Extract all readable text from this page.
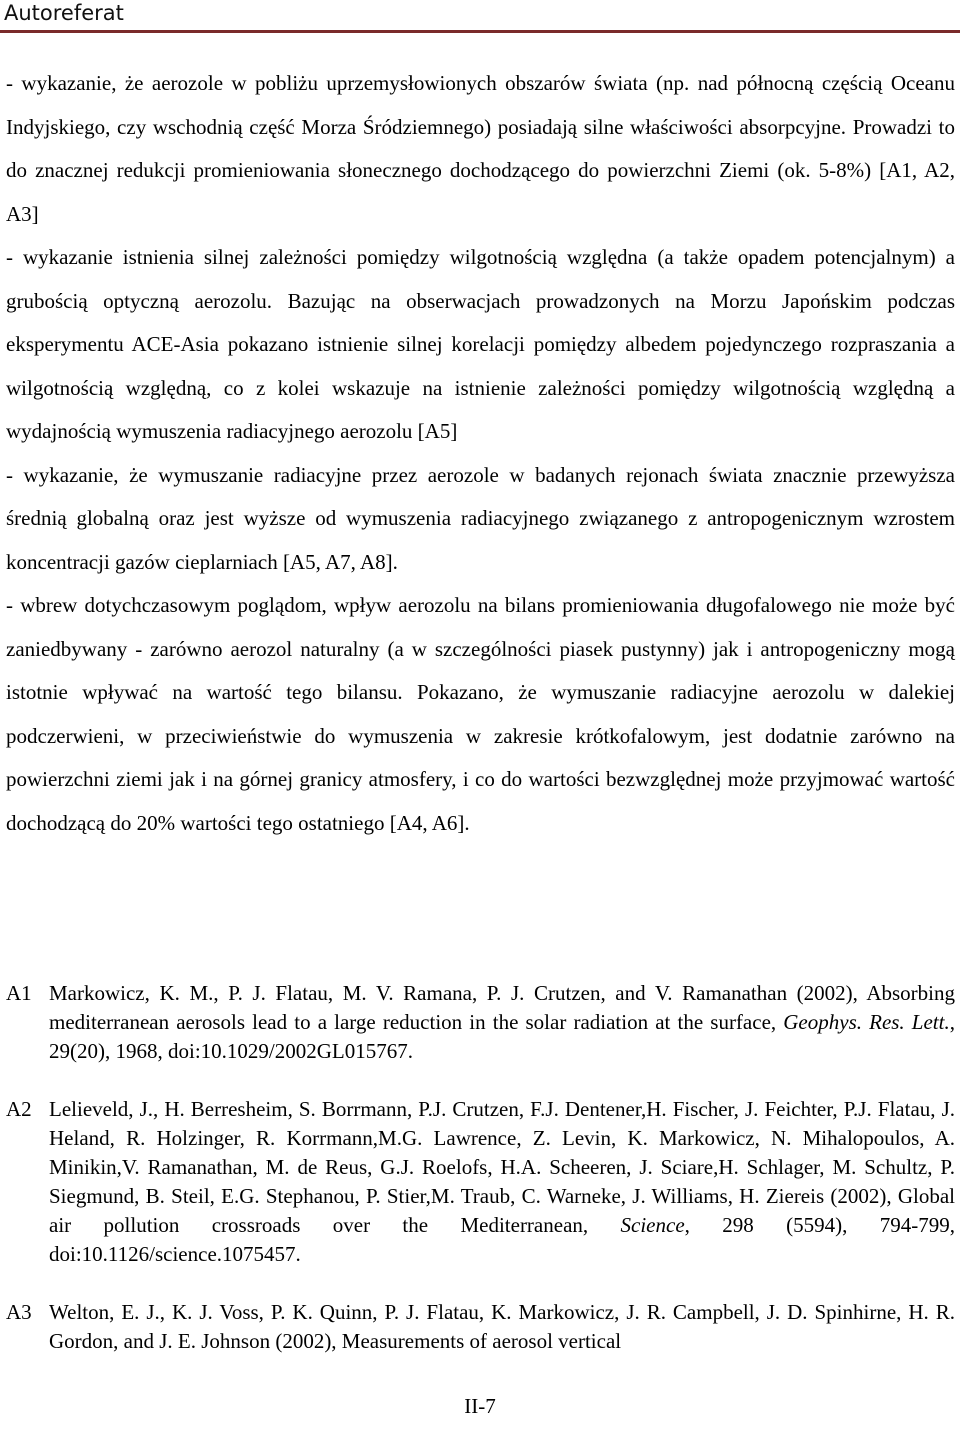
Autoreferat

- wykazanie, że aerozole w pobliżu uprzemysłowionych obszarów świata (np. nad północną częścią Oceanu Indyjskiego, czy wschodnią część Morza Śródziemnego) posiadają silne właściwości absorpcyjne. Prowadzi to do znacznej redukcji promieniowania słonecznego dochodzącego do powierzchni Ziemi (ok. 5-8%) [A1, A2, A3]

- wykazanie istnienia silnej zależności pomiędzy wilgotnością względna (a także opadem potencjalnym) a grubością optyczną aerozolu. Bazując na obserwacjach prowadzonych na Morzu Japońskim podczas eksperymentu ACE-Asia pokazano istnienie silnej korelacji pomiędzy albedem pojedynczego rozpraszania a wilgotnością względną, co z kolei wskazuje na istnienie zależności pomiędzy wilgotnością względną a wydajnością wymuszenia radiacyjnego aerozolu [A5]

- wykazanie, że wymuszanie radiacyjne przez aerozole w badanych rejonach świata znacznie przewyższa średnią globalną oraz jest wyższe od wymuszenia radiacyjnego związanego z antropogenicznym wzrostem koncentracji gazów cieplarniach [A5, A7, A8].

- wbrew dotychczasowym poglądom, wpływ aerozolu na bilans promieniowania długofalowego nie może być zaniedbywany - zarówno aerozol naturalny (a w szczególności piasek pustynny) jak i antropogeniczny mogą istotnie wpływać na wartość tego bilansu. Pokazano, że wymuszanie radiacyjne aerozolu w dalekiej podczerwieni, w przeciwieństwie do wymuszenia w zakresie krótkofalowym, jest dodatnie zarówno na powierzchni ziemi jak i na górnej granicy atmosfery, i co do wartości bezwzględnej może przyjmować wartość dochodzącą do 20% wartości tego ostatniego [A4, A6].

A1 Markowicz, K. M., P. J. Flatau, M. V. Ramana, P. J. Crutzen, and V. Ramanathan (2002), Absorbing mediterranean aerosols lead to a large reduction in the solar radiation at the surface, Geophys. Res. Lett., 29(20), 1968, doi:10.1029/2002GL015767.
A2 Lelieveld, J., H. Berresheim, S. Borrmann, P.J. Crutzen, F.J. Dentener,H. Fischer, J. Feichter, P.J. Flatau, J. Heland, R. Holzinger, R. Korrmann,M.G. Lawrence, Z. Levin, K. Markowicz, N. Mihalopoulos, A. Minikin,V. Ramanathan, M. de Reus, G.J. Roelofs, H.A. Scheeren, J. Sciare,H. Schlager, M. Schultz, P. Siegmund, B. Steil, E.G. Stephanou, P. Stier,M. Traub, C. Warneke, J. Williams, H. Ziereis (2002), Global air pollution crossroads over the Mediterranean, Science, 298 (5594), 794-799, doi:10.1126/science.1075457.
A3 Welton, E. J., K. J. Voss, P. K. Quinn, P. J. Flatau, K. Markowicz, J. R. Campbell, J. D. Spinhirne, H. R. Gordon, and J. E. Johnson (2002), Measurements of aerosol vertical
II-7
